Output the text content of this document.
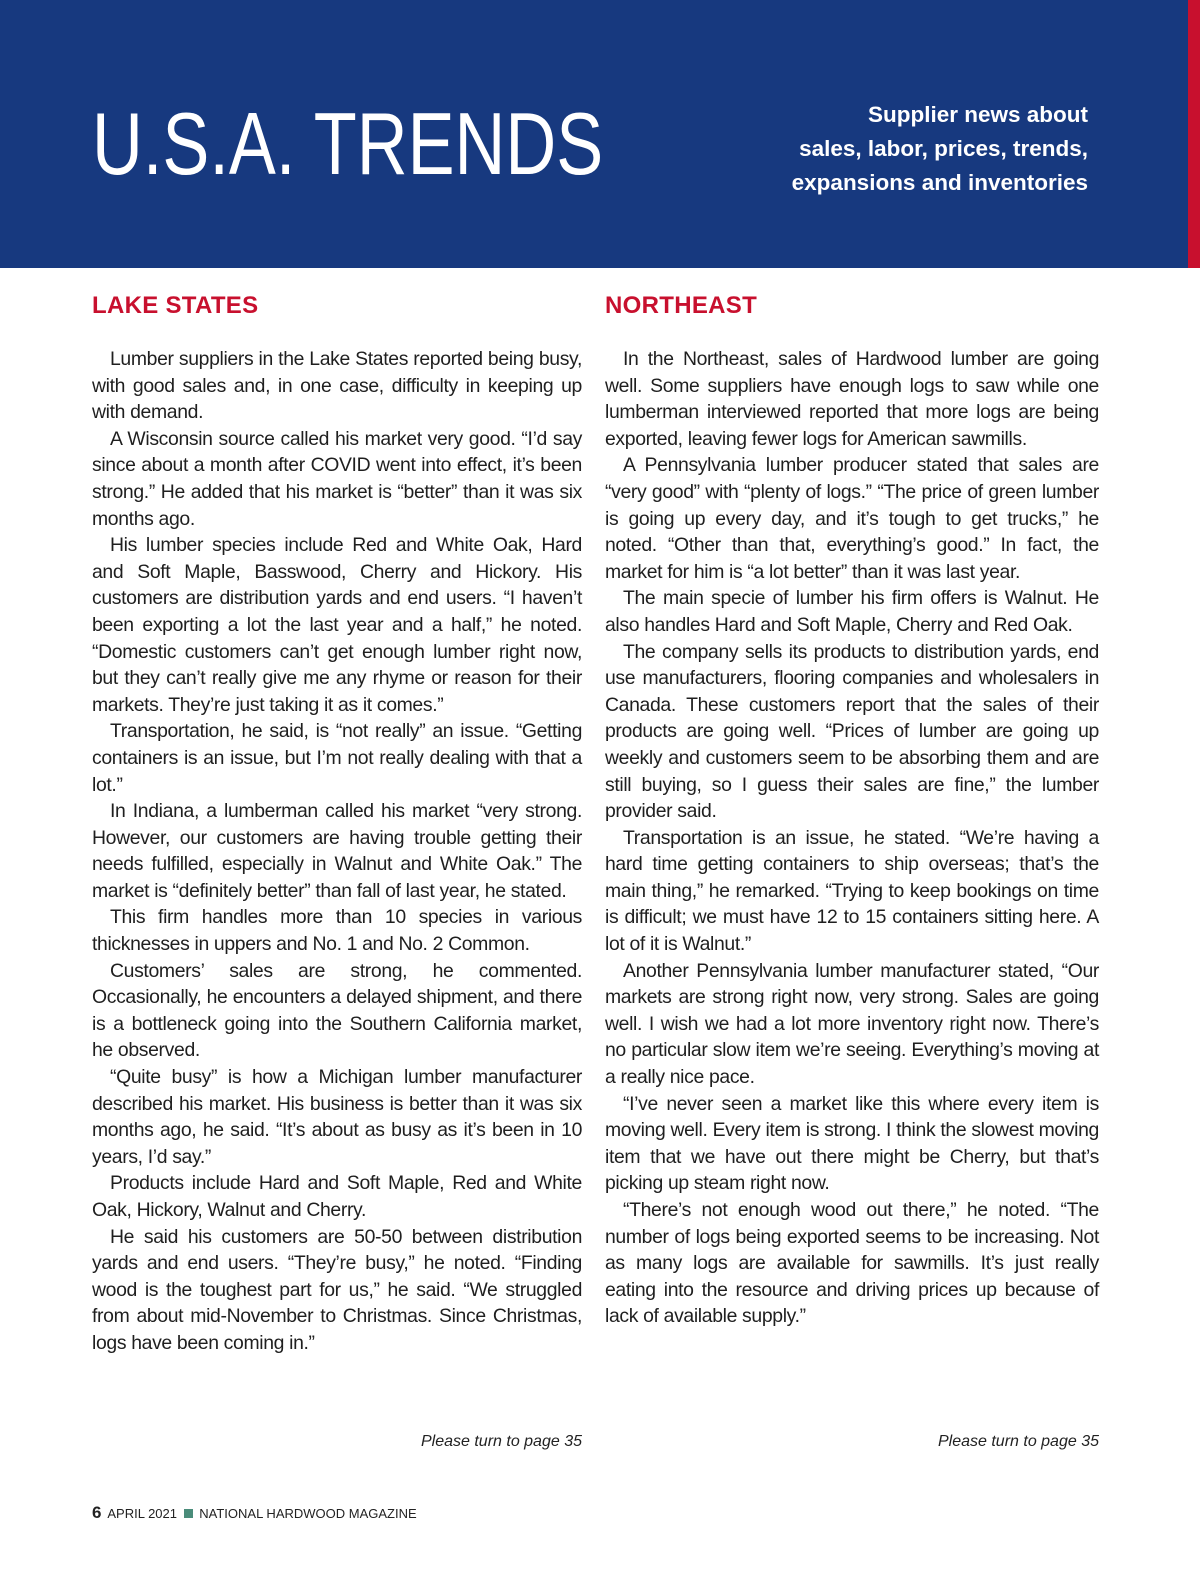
U.S.A. TRENDS	Supplier news about
sales, labor, prices, trends,
expansions and inventories
LAKE STATES	NORTHEAST

Lumber suppliers in the Lake States reported being busy, with good sales and, in one case, difficulty in keeping up with demand.

A Wisconsin source called his market very good. “I’d say since about a month after COVID went into effect, it’s been strong.” He added that his market is “better” than it was six months ago.

His lumber species include Red and White Oak, Hard and Soft Maple, Basswood, Cherry and Hickory. His customers are distribution yards and end users. “I haven’t been exporting a lot the last year and a half,” he noted. “Domestic customers can’t get enough lumber right now, but they can’t really give me any rhyme or reason for their markets. They’re just taking it as it comes.”

Transportation, he said, is “not really” an issue. “Getting containers is an issue, but I’m not really dealing with that a lot.”

In Indiana, a lumberman called his market “very strong. However, our customers are having trouble getting their needs fulfilled, especially in Walnut and White Oak.” The market is “definitely better” than fall of last year, he stated.

This firm handles more than 10 species in various thicknesses in uppers and No. 1 and No. 2 Common.

Customers’ sales are strong, he commented. Occasionally, he encounters a delayed shipment, and there is a bottleneck going into the Southern California market, he observed.

“Quite busy” is how a Michigan lumber manufacturer described his market. His business is better than it was six months ago, he said. “It’s about as busy as it’s been in 10 years, I’d say.”

Products include Hard and Soft Maple, Red and White Oak, Hickory, Walnut and Cherry.

He said his customers are 50-50 between distribution yards and end users. “They’re busy,” he noted. “Finding wood is the toughest part for us,” he said. “We struggled from about mid-November to Christmas. Since Christmas, logs have been coming in.”

In the Northeast, sales of Hardwood lumber are going well. Some suppliers have enough logs to saw while one lumberman interviewed reported that more logs are being exported, leaving fewer logs for American sawmills.

A Pennsylvania lumber producer stated that sales are “very good” with “plenty of logs.” “The price of green lumber is going up every day, and it’s tough to get trucks,” he noted. “Other than that, everything’s good.” In fact, the market for him is “a lot better” than it was last year.

The main specie of lumber his firm offers is Walnut. He also handles Hard and Soft Maple, Cherry and Red Oak.

The company sells its products to distribution yards, end use manufacturers, flooring companies and wholesalers in Canada. These customers report that the sales of their products are going well. “Prices of lumber are going up weekly and customers seem to be absorbing them and are still buying, so I guess their sales are fine,” the lumber provider said.

Transportation is an issue, he stated. “We’re having a hard time getting containers to ship overseas; that’s the main thing,” he remarked. “Trying to keep bookings on time is difficult; we must have 12 to 15 containers sitting here. A lot of it is Walnut.”

Another Pennsylvania lumber manufacturer stated, “Our markets are strong right now, very strong. Sales are going well. I wish we had a lot more inventory right now. There’s no particular slow item we’re seeing. Everything’s moving at a really nice pace.

“I’ve never seen a market like this where every item is moving well. Every item is strong. I think the slowest moving item that we have out there might be Cherry, but that’s picking up steam right now.

“There’s not enough wood out there,” he noted. “The number of logs being exported seems to be increasing. Not as many logs are available for sawmills. It’s just really eating into the resource and driving prices up because of lack of available supply.”

Please turn to page 35	Please turn to page 35
6 APRIL 2021 NATIONAL HARDWOOD MAGAZINE
